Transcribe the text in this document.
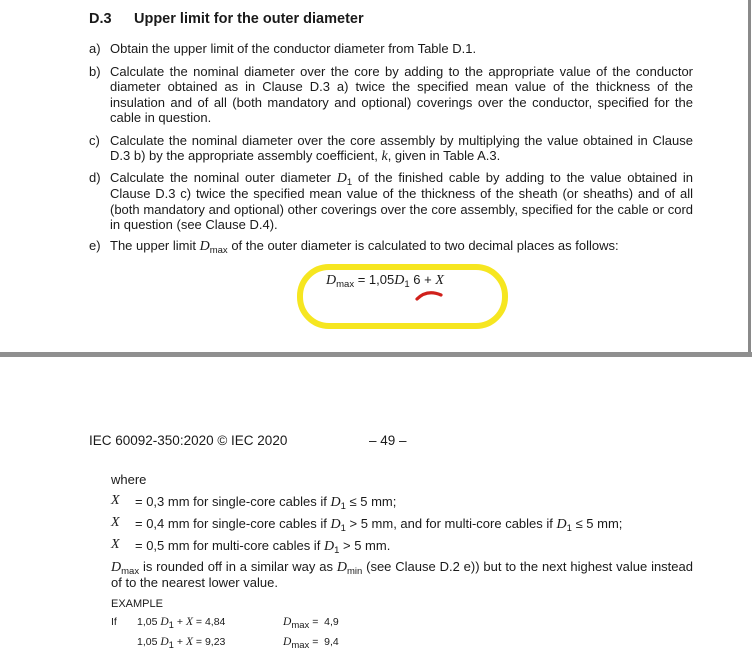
D.3 Upper limit for the outer diameter
a) Obtain the upper limit of the conductor diameter from Table D.1.
b) Calculate the nominal diameter over the core by adding to the appropriate value of the conductor diameter obtained as in Clause D.3 a) twice the specified mean value of the thickness of the insulation and of all (both mandatory and optional) coverings over the conductor, specified for the cable in question.
c) Calculate the nominal diameter over the core assembly by multiplying the value obtained in Clause D.3 b) by the appropriate assembly coefficient, k, given in Table A.3.
d) Calculate the nominal outer diameter $D_1$ of the finished cable by adding to the value obtained in Clause D.3 c) twice the specified mean value of the thickness of the sheath (or sheaths) and of all (both mandatory and optional) other coverings over the core assembly, specified for the cable or cord in question (see Clause D.4).
e) The upper limit $D_{max}$ of the outer diameter is calculated to two decimal places as follows:
$D_{max} = 1,05D_1$ 6 + X
IEC 60092-350:2020 © IEC 2020	– 49 –
where
X = 0,3 mm for single-core cables if $D_1 \le 5$ mm;
X = 0,4 mm for single-core cables if $D_1 > 5$ mm, and for multi-core cables if $D_1 \le 5$ mm;
X = 0,5 mm for multi-core cables if $D_1 > 5$ mm.
$D_{max}$ is rounded off in a similar way as $D_{min}$ (see Clause D.2 e)) but to the next highest value instead of to the nearest lower value.
EXAMPLE
If 1,05 $D_1 + X = 4,84$	$D_{max} = 4,9$
1,05 $D_1 + X = 9,23$	$D_{max} = 9,4$
